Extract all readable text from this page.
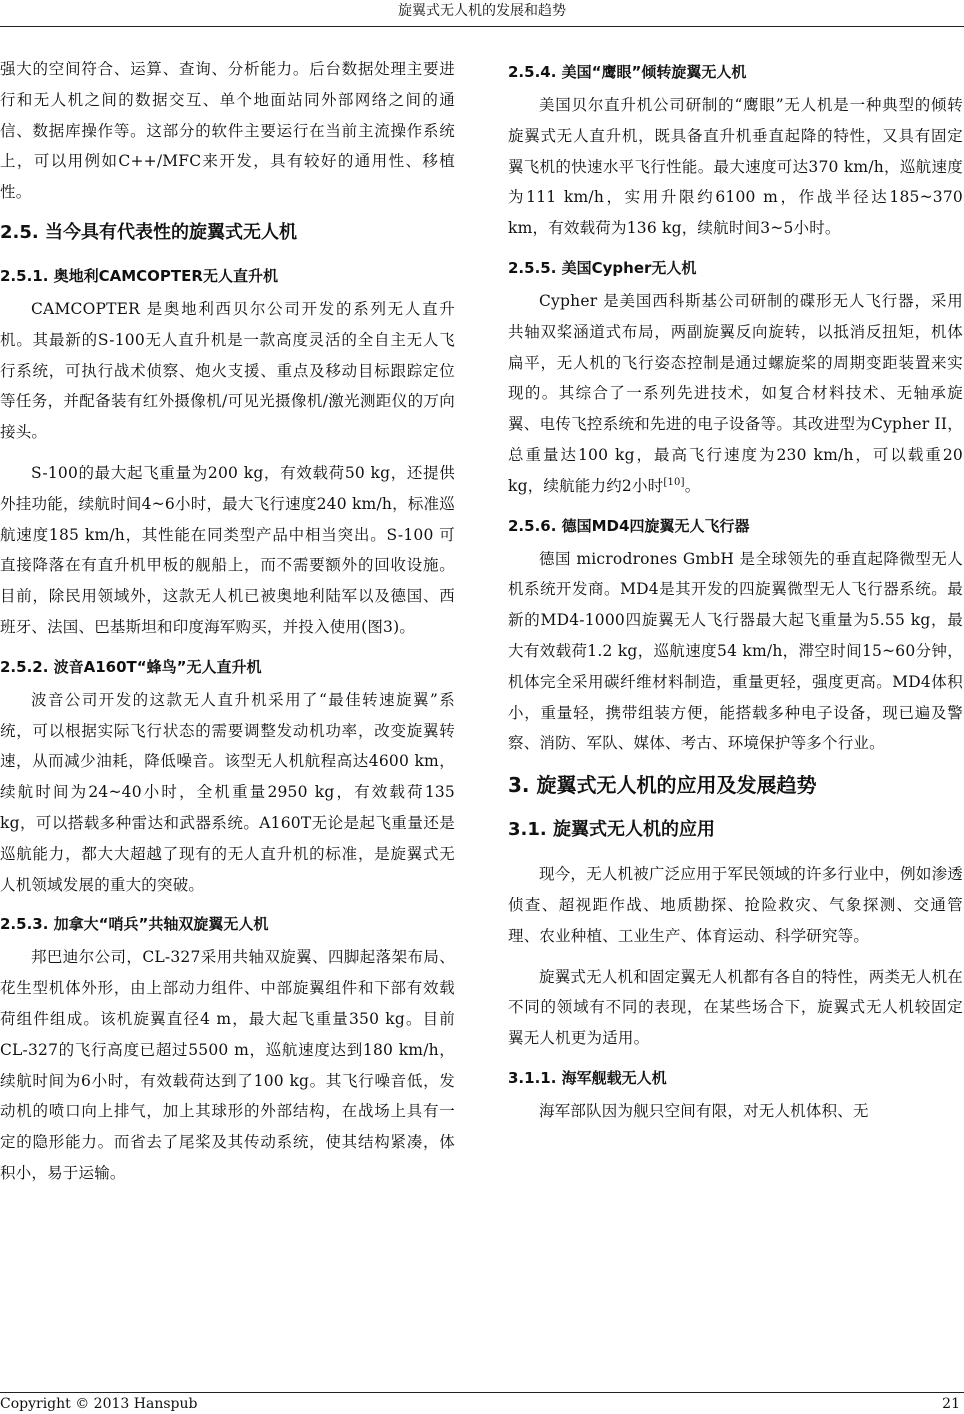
旋翼式无人机的发展和趋势

强大的空间符合、运算、查询、分析能力。后台数据处理主要进行和无人机之间的数据交互、单个地面站同外部网络之间的通信、数据库操作等。这部分的软件主要运行在当前主流操作系统上，可以用例如C++/MFC来开发，具有较好的通用性、移植性。

2.5. 当今具有代表性的旋翼式无人机
2.5.1. 奥地利CAMCOPTER无人直升机

CAMCOPTER 是奥地利西贝尔公司开发的系列无人直升机。其最新的S-100无人直升机是一款高度灵活的全自主无人飞行系统，可执行战术侦察、炮火支援、重点及移动目标跟踪定位等任务，并配备装有红外摄像机/可见光摄像机/激光测距仪的万向接头。

S-100的最大起飞重量为200 kg，有效载荷50 kg，还提供外挂功能，续航时间4~6小时，最大飞行速度240 km/h，标准巡航速度185 km/h，其性能在同类型产品中相当突出。S-100 可直接降落在有直升机甲板的舰船上，而不需要额外的回收设施。目前，除民用领域外，这款无人机已被奥地利陆军以及德国、西班牙、法国、巴基斯坦和印度海军购买，并投入使用(图3)。

2.5.2. 波音A160T“蜂鸟”无人直升机

波音公司开发的这款无人直升机采用了“最佳转速旋翼”系统，可以根据实际飞行状态的需要调整发动机功率，改变旋翼转速，从而减少油耗，降低噪音。该型无人机航程高达4600 km，续航时间为24~40小时，全机重量2950 kg，有效载荷135 kg，可以搭载多种雷达和武器系统。A160T无论是起飞重量还是巡航能力，都大大超越了现有的无人直升机的标准，是旋翼式无人机领域发展的重大的突破。

2.5.3. 加拿大“哨兵”共轴双旋翼无人机

邦巴迪尔公司，CL-327采用共轴双旋翼、四脚起落架布局、花生型机体外形，由上部动力组件、中部旋翼组件和下部有效载荷组件组成。该机旋翼直径4 m，最大起飞重量350 kg。目前CL-327的飞行高度已超过5500 m，巡航速度达到180 km/h，续航时间为6小时，有效载荷达到了100 kg。其飞行噪音低，发动机的喷口向上排气，加上其球形的外部结构，在战场上具有一定的隐形能力。而省去了尾桨及其传动系统，使其结构紧凑，体积小，易于运输。

2.5.4. 美国“鹰眼”倾转旋翼无人机

美国贝尔直升机公司研制的“鹰眼”无人机是一种典型的倾转旋翼式无人直升机，既具备直升机垂直起降的特性，又具有固定翼飞机的快速水平飞行性能。最大速度可达370 km/h，巡航速度为111 km/h，实用升限约6100 m，作战半径达185~370 km，有效载荷为136 kg，续航时间3~5小时。

2.5.5. 美国Cypher无人机

Cypher 是美国西科斯基公司研制的碟形无人飞行器，采用共轴双桨涵道式布局，两副旋翼反向旋转，以抵消反扭矩，机体扁平，无人机的飞行姿态控制是通过螺旋桨的周期变距装置来实现的。其综合了一系列先进技术，如复合材料技术、无轴承旋翼、电传飞控系统和先进的电子设备等。其改进型为Cypher II，总重量达100 kg，最高飞行速度为230 km/h，可以载重20 kg，续航能力约2小时[10]。

2.5.6. 德国MD4四旋翼无人飞行器

德国 microdrones GmbH 是全球领先的垂直起降微型无人机系统开发商。MD4是其开发的四旋翼微型无人飞行器系统。最新的MD4-1000四旋翼无人飞行器最大起飞重量为5.55 kg，最大有效载荷1.2 kg，巡航速度54 km/h，滞空时间15~60分钟，机体完全采用碳纤维材料制造，重量更轻，强度更高。MD4体积小，重量轻，携带组装方便，能搭载多种电子设备，现已遍及警察、消防、军队、媒体、考古、环境保护等多个行业。

3. 旋翼式无人机的应用及发展趋势
3.1. 旋翼式无人机的应用

现今，无人机被广泛应用于军民领域的许多行业中，例如渗透侦查、超视距作战、地质勘探、抢险救灾、气象探测、交通管理、农业种植、工业生产、体育运动、科学研究等。

旋翼式无人机和固定翼无人机都有各自的特性，两类无人机在不同的领域有不同的表现，在某些场合下，旋翼式无人机较固定翼无人机更为适用。

3.1.1. 海军舰载无人机

海军部队因为舰只空间有限，对无人机体积、无

Copyright © 2013 Hanspub	21
